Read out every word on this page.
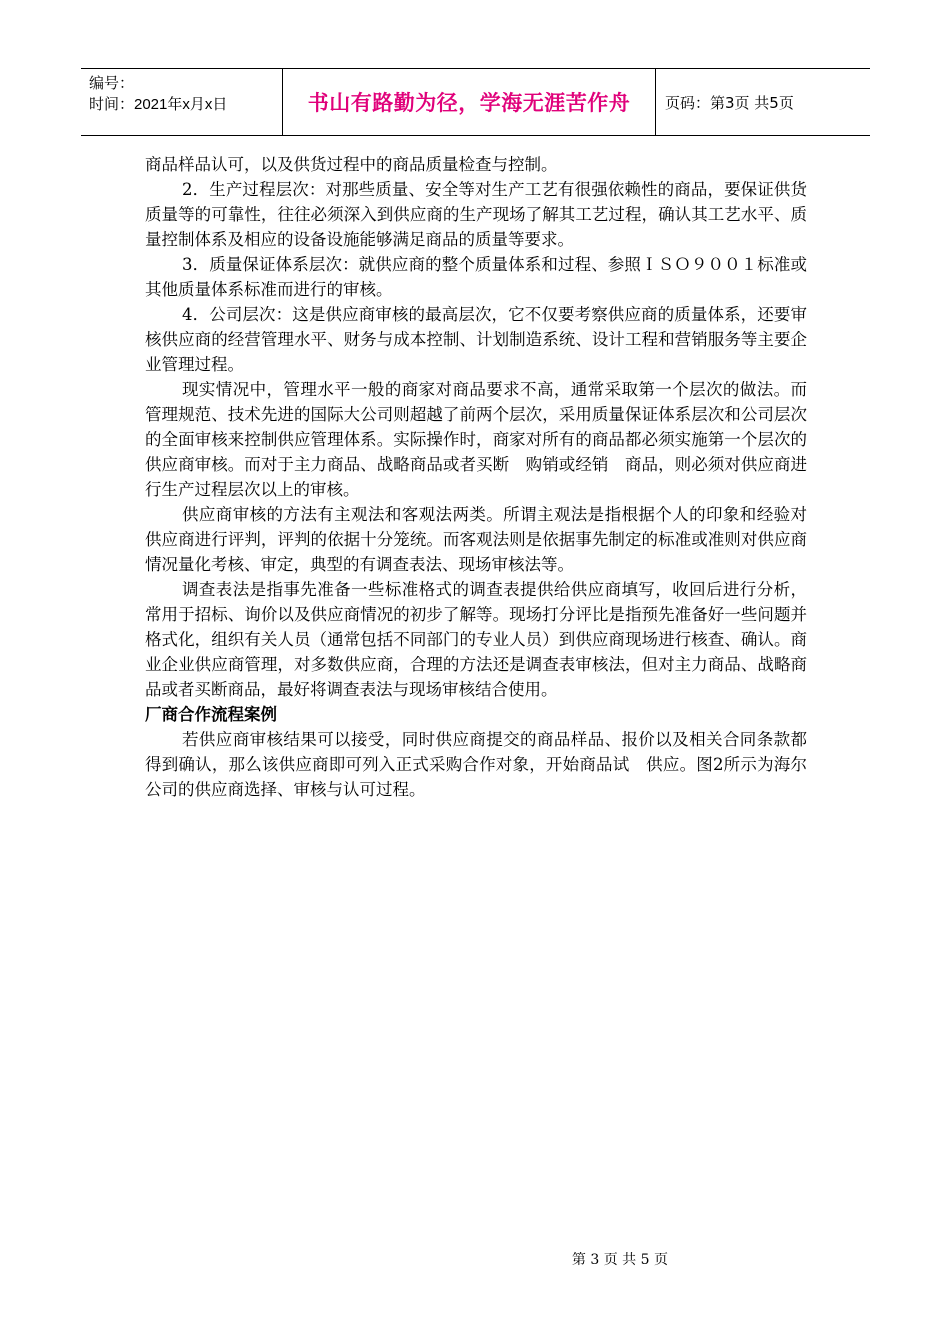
编号：
时间：2021年x月x日	书山有路勤为径，学海无涯苦作舟 页码：第3页 共5页

商品样品认可，以及供货过程中的商品质量检查与控制。

2．生产过程层次：对那些质量、安全等对生产工艺有很强依赖性的商品，要保证供货质量等的可靠性，往往必须深入到供应商的生产现场了解其工艺过程，确认其工艺水平、质量控制体系及相应的设备设施能够满足商品的质量等要求。

3．质量保证体系层次：就供应商的整个质量体系和过程、参照ＩＳＯ９００１标准或其他质量体系标准而进行的审核。

4．公司层次：这是供应商审核的最高层次，它不仅要考察供应商的质量体系，还要审核供应商的经营管理水平、财务与成本控制、计划制造系统、设计工程和营销服务等主要企业管理过程。

现实情况中，管理水平一般的商家对商品要求不高，通常采取第一个层次的做法。而管理规范、技术先进的国际大公司则超越了前两个层次，采用质量保证体系层次和公司层次的全面审核来控制供应管理体系。实际操作时，商家对所有的商品都必须实施第一个层次的供应商审核。而对于主力商品、战略商品或者买断　购销或经销　商品，则必须对供应商进行生产过程层次以上的审核。

供应商审核的方法有主观法和客观法两类。所谓主观法是指根据个人的印象和经验对供应商进行评判，评判的依据十分笼统。而客观法则是依据事先制定的标准或准则对供应商情况量化考核、审定，典型的有调查表法、现场审核法等。

调查表法是指事先准备一些标准格式的调查表提供给供应商填写，收回后进行分析，常用于招标、询价以及供应商情况的初步了解等。现场打分评比是指预先准备好一些问题并格式化，组织有关人员（通常包括不同部门的专业人员）到供应商现场进行核查、确认。商业企业供应商管理，对多数供应商，合理的方法还是调查表审核法，但对主力商品、战略商品或者买断商品，最好将调查表法与现场审核结合使用。

厂商合作流程案例

若供应商审核结果可以接受，同时供应商提交的商品样品、报价以及相关合同条款都得到确认，那么该供应商即可列入正式采购合作对象，开始商品试　供应。图2所示为海尔公司的供应商选择、审核与认可过程。

第 3 页 共 5 页
